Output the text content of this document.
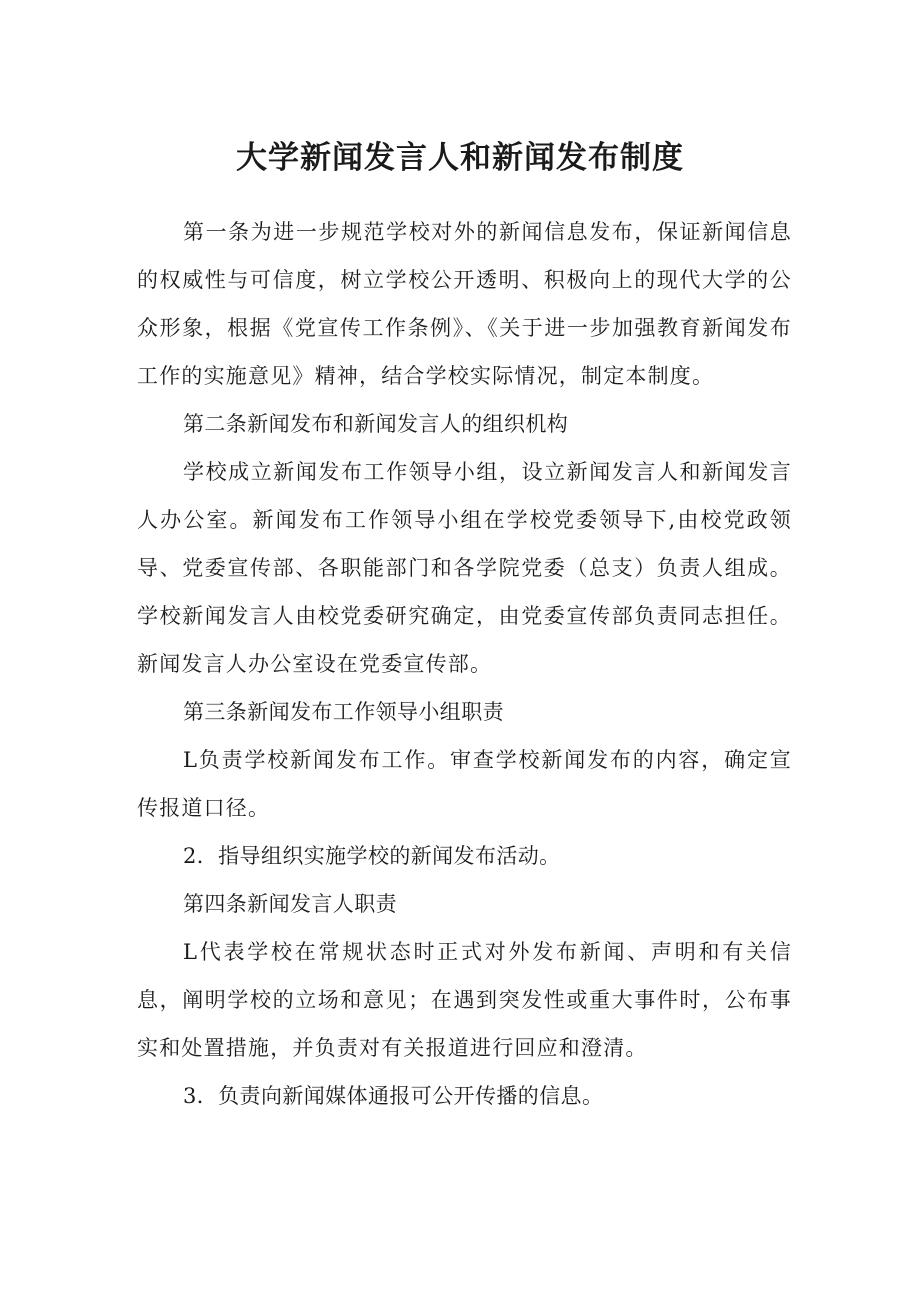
大学新闻发言人和新闻发布制度

第一条为进一步规范学校对外的新闻信息发布，保证新闻信息的权威性与可信度，树立学校公开透明、积极向上的现代大学的公众形象，根据《党宣传工作条例》、《关于进一步加强教育新闻发布工作的实施意见》精神，结合学校实际情况，制定本制度。

第二条新闻发布和新闻发言人的组织机构

学校成立新闻发布工作领导小组，设立新闻发言人和新闻发言人办公室。新闻发布工作领导小组在学校党委领导下,由校党政领导、党委宣传部、各职能部门和各学院党委（总支）负责人组成。学校新闻发言人由校党委研究确定，由党委宣传部负责同志担任。新闻发言人办公室设在党委宣传部。

第三条新闻发布工作领导小组职责

L负责学校新闻发布工作。审查学校新闻发布的内容，确定宣传报道口径。

2．指导组织实施学校的新闻发布活动。

第四条新闻发言人职责

L代表学校在常规状态时正式对外发布新闻、声明和有关信息，阐明学校的立场和意见；在遇到突发性或重大事件时，公布事实和处置措施，并负责对有关报道进行回应和澄清。

3．负责向新闻媒体通报可公开传播的信息。
